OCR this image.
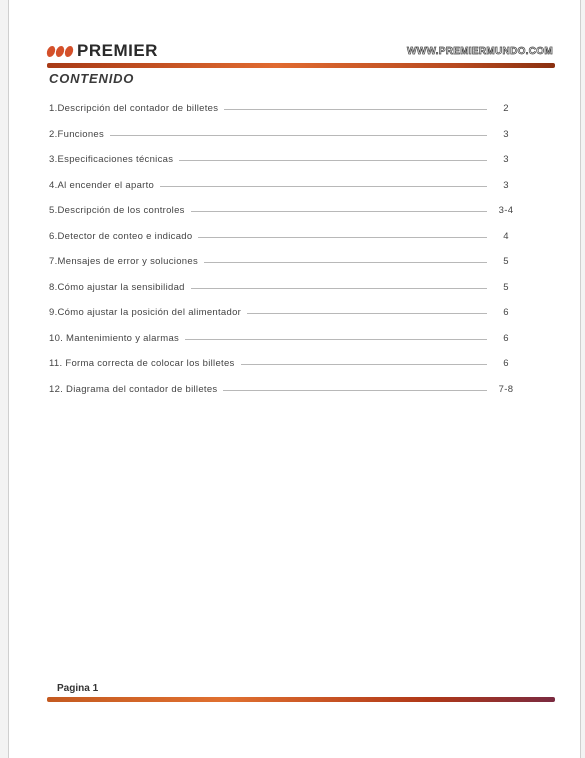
PREMIER	WWW.PREMIERMUNDO.COM
CONTENIDO
1.Descripción del contador de billetes	2
2.Funciones	3
3.Especificaciones técnicas	3
4.Al encender el aparto	3
5.Descripción de los controles	3-4
6.Detector de conteo e indicado	4
7.Mensajes de error y soluciones	5
8.Cómo ajustar la sensibilidad	5
9.Cómo ajustar la posición del alimentador	6
10. Mantenimiento y alarmas	6
11. Forma correcta de colocar los billetes	6
12. Diagrama del contador de billetes	7-8
Pagina 1
